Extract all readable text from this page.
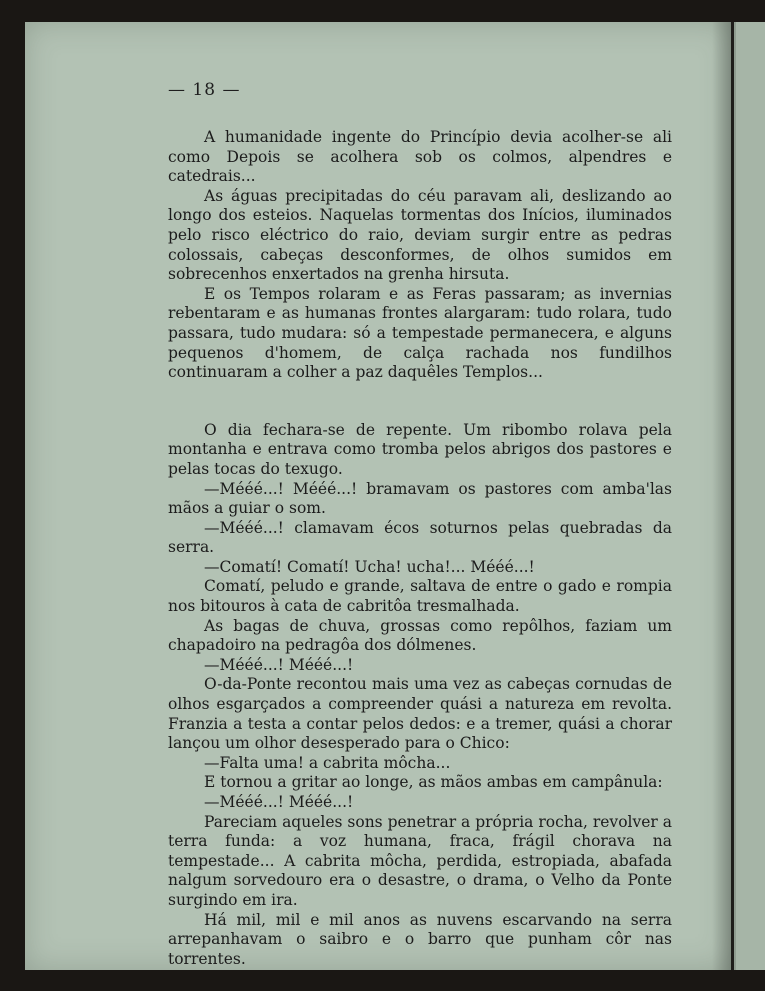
— 18 —

A humanidade ingente do Princípio devia acolher-se ali como Depois se acolhera sob os colmos, alpendres e catedrais...

As águas precipitadas do céu paravam ali, deslizando ao longo dos esteios. Naquelas tormentas dos Inícios, iluminados pelo risco eléctrico do raio, deviam surgir entre as pedras colossais, cabeças desconformes, de olhos sumidos em sobrecenhos enxertados na grenha hirsuta.

E os Tempos rolaram e as Feras passaram; as invernias rebentaram e as humanas frontes alargaram: tudo rolara, tudo passara, tudo mudara: só a tempestade permanecera, e alguns pequenos d'homem, de calça rachada nos fundilhos continuaram a colher a paz daquêles Templos...

O dia fechara-se de repente. Um ribombo rolava pela montanha e entrava como tromba pelos abrigos dos pastores e pelas tocas do texugo.

—Mééé...! Mééé...! bramavam os pastores com amba'las mãos a guiar o som.

—Mééé...! clamavam écos soturnos pelas quebradas da serra.

—Comatí! Comatí! Ucha! ucha!... Mééé...!

Comatí, peludo e grande, saltava de entre o gado e rompia nos bitouros à cata de cabritôa tresmalhada.

As bagas de chuva, grossas como repôlhos, faziam um chapadoiro na pedragôa dos dólmenes.

—Mééé...! Mééé...!

O-da-Ponte recontou mais uma vez as cabeças cornudas de olhos esgarçados a compreender quási a natureza em revolta. Franzia a testa a contar pelos dedos: e a tremer, quási a chorar lançou um olhor desesperado para o Chico:

—Falta uma! a cabrita môcha...

E tornou a gritar ao longe, as mãos ambas em campânula:

—Mééé...! Mééé...!

Pareciam aqueles sons penetrar a própria rocha, revolver a terra funda: a voz humana, fraca, frágil chorava na tempestade... A cabrita môcha, perdida, estropiada, abafada nalgum sorvedouro era o desastre, o drama, o Velho da Ponte surgindo em ira.

Há mil, mil e mil anos as nuvens escarvando na serra arrepanhavam o saibro e o barro que punham côr nas torrentes.
